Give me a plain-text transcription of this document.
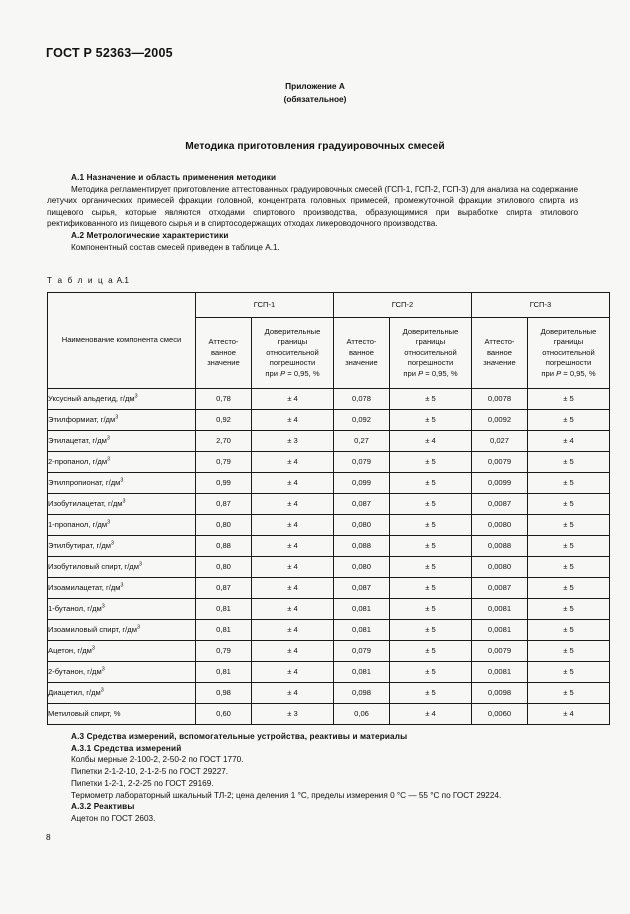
ГОСТ Р 52363—2005
Приложение А
(обязательное)
Методика приготовления градуировочных смесей
А.1 Назначение и область применения методики
Методика регламентирует приготовление аттестованных градуировочных смесей (ГСП-1, ГСП-2, ГСП-3) для анализа на содержание летучих органических примесей фракции головной, концентрата головных примесей, промежуточной фракции этилового спирта из пищевого сырья, которые являются отходами спиртового производства, образующимися при выработке спирта этилового ректификованного из пищевого сырья и в спиртосодержащих отходах ликероводочного производства.
А.2 Метрологические характеристики
Компонентный состав смесей приведен в таблице А.1.
Т а б л и ц а А.1
Наименование компонента смеси	ГСП-1		ГСП-2		ГСП-3	
	Аттесто-
ванное
значение	Доверительные
границы
относительной
погрешности
при P = 0,95, %	Аттесто-
ванное
значение	Доверительные
границы
относительной
погрешности
при P = 0,95, %	Аттесто-
ванное
значение	Доверительные
границы
относительной
погрешности
при P = 0,95, %
Уксусный альдегид, $г/дм^3$	0,78	± 4	0,078	± 5	0,0078	± 5
Этилформиат, $г/дм^3$	0,92	± 4	0,092	± 5	0,0092	± 5
Этилацетат, $г/дм^3$	2,70	± 3	0,27	± 4	0,027	± 4
2-пропанол, $г/дм^3$	0,79	± 4	0,079	± 5	0,0079	± 5
Этилпропионат, $г/дм^3$	0,99	± 4	0,099	± 5	0,0099	± 5
Изобутилацетат, $г/дм^3$	0,87	± 4	0,087	± 5	0,0087	± 5
1-пропанол, $г/дм^3$	0,80	± 4	0,080	± 5	0,0080	± 5
Этилбутират, $г/дм^3$	0,88	± 4	0,088	± 5	0,0088	± 5
Изобутиловый спирт, $г/дм^3$	0,80	± 4	0,080	± 5	0,0080	± 5
Изоамилацетат, $г/дм^3$	0,87	± 4	0,087	± 5	0,0087	± 5
1-бутанол, $г/дм^3$	0,81	± 4	0,081	± 5	0,0081	± 5
Изоамиловый спирт, $г/дм^3$	0,81	± 4	0,081	± 5	0,0081	± 5
Ацетон, $г/дм^3$	0,79	± 4	0,079	± 5	0,0079	± 5
2-бутанон, $г/дм^3$	0,81	± 4	0,081	± 5	0,0081	± 5
Диацетил, $г/дм^3$	0,98	± 4	0,098	± 5	0,0098	± 5
Метиловый спирт, %	0,60	± 3	0,06	± 4	0,0060	± 4
А.3 Средства измерений, вспомогательные устройства, реактивы и материалы
А.3.1 Средства измерений
Колбы мерные 2-100-2, 2-50-2 по ГОСТ 1770.
Пипетки 2-1-2-10, 2-1-2-5 по ГОСТ 29227.
Пипетки 1-2-1, 2-2-25 по ГОСТ 29169.
Термометр лабораторный шкальный ТЛ-2; цена деления 1 °С, пределы измерения 0 °С — 55 °С по ГОСТ 29224.
А.3.2 Реактивы
Ацетон по ГОСТ 2603.
8
